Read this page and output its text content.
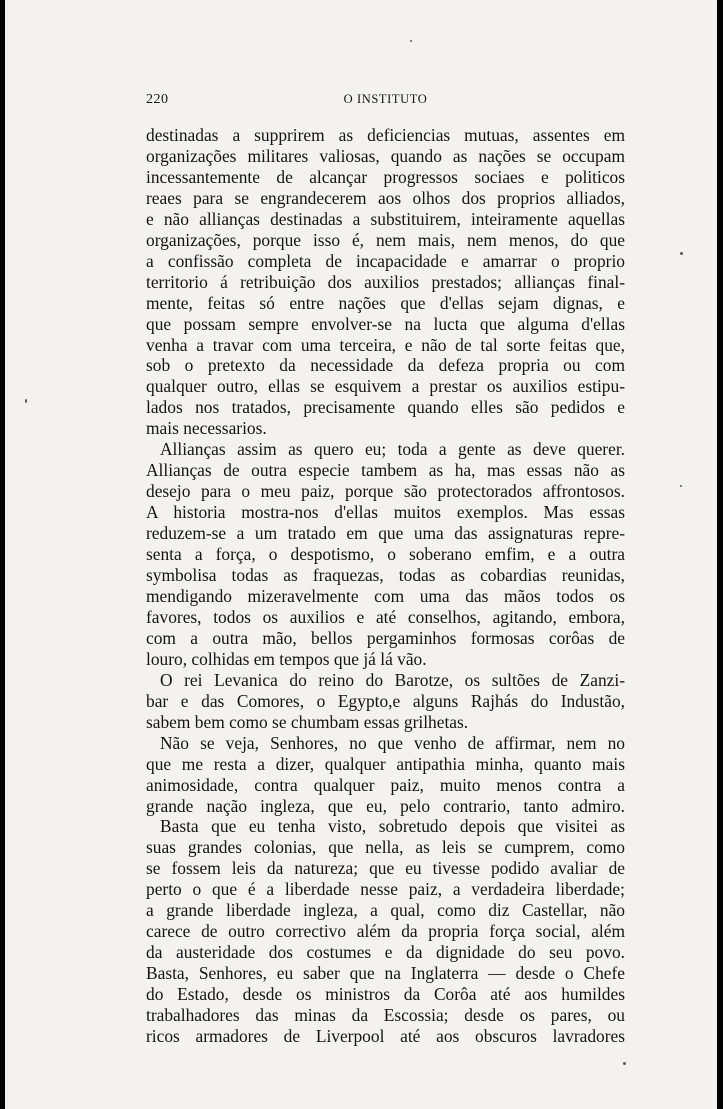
220	O INSTITUTO
destinadas a supprirem as deficiencias mutuas, assentes em
organizações militares valiosas, quando as nações se occupam
incessantemente de alcançar progressos sociaes e politicos
reaes para se engrandecerem aos olhos dos proprios alliados,
e não allianças destinadas a substituirem, inteiramente aquellas
organizações, porque isso é, nem mais, nem menos, do que
a confissão completa de incapacidade e amarrar o proprio
territorio á retribuição dos auxilios prestados; allianças final-
mente, feitas só entre nações que d'ellas sejam dignas, e
que possam sempre envolver-se na lucta que alguma d'ellas
venha a travar com uma terceira, e não de tal sorte feitas que,
sob o pretexto da necessidade da defeza propria ou com
qualquer outro, ellas se esquivem a prestar os auxilios estipu-
lados nos tratados, precisamente quando elles são pedidos e
mais necessarios.
Allianças assim as quero eu; toda a gente as deve querer.
Allianças de outra especie tambem as ha, mas essas não as
desejo para o meu paiz, porque são protectorados affrontosos.
A historia mostra-nos d'ellas muitos exemplos. Mas essas
reduzem-se a um tratado em que uma das assignaturas repre-
senta a força, o despotismo, o soberano emfim, e a outra
symbolisa todas as fraquezas, todas as cobardias reunidas,
mendigando mizeravelmente com uma das mãos todos os
favores, todos os auxilios e até conselhos, agitando, embora,
com a outra mão, bellos pergaminhos formosas corôas de
louro, colhidas em tempos que já lá vão.
O rei Levanica do reino do Barotze, os sultões de Zanzi-
bar e das Comores, o Egypto,e alguns Rajhás do Industão,
sabem bem como se chumbam essas grilhetas.
Não se veja, Senhores, no que venho de affirmar, nem no
que me resta a dizer, qualquer antipathia minha, quanto mais
animosidade, contra qualquer paiz, muito menos contra a
grande nação ingleza, que eu, pelo contrario, tanto admiro.
Basta que eu tenha visto, sobretudo depois que visitei as
suas grandes colonias, que nella, as leis se cumprem, como
se fossem leis da natureza; que eu tivesse podido avaliar de
perto o que é a liberdade nesse paiz, a verdadeira liberdade;
a grande liberdade ingleza, a qual, como diz Castellar, não
carece de outro correctivo além da propria força social, além
da austeridade dos costumes e da dignidade do seu povo.
Basta, Senhores, eu saber que na Inglaterra — desde o Chefe
do Estado, desde os ministros da Corôa até aos humildes
trabalhadores das minas da Escossia; desde os pares, ou
ricos armadores de Liverpool até aos obscuros lavradores
